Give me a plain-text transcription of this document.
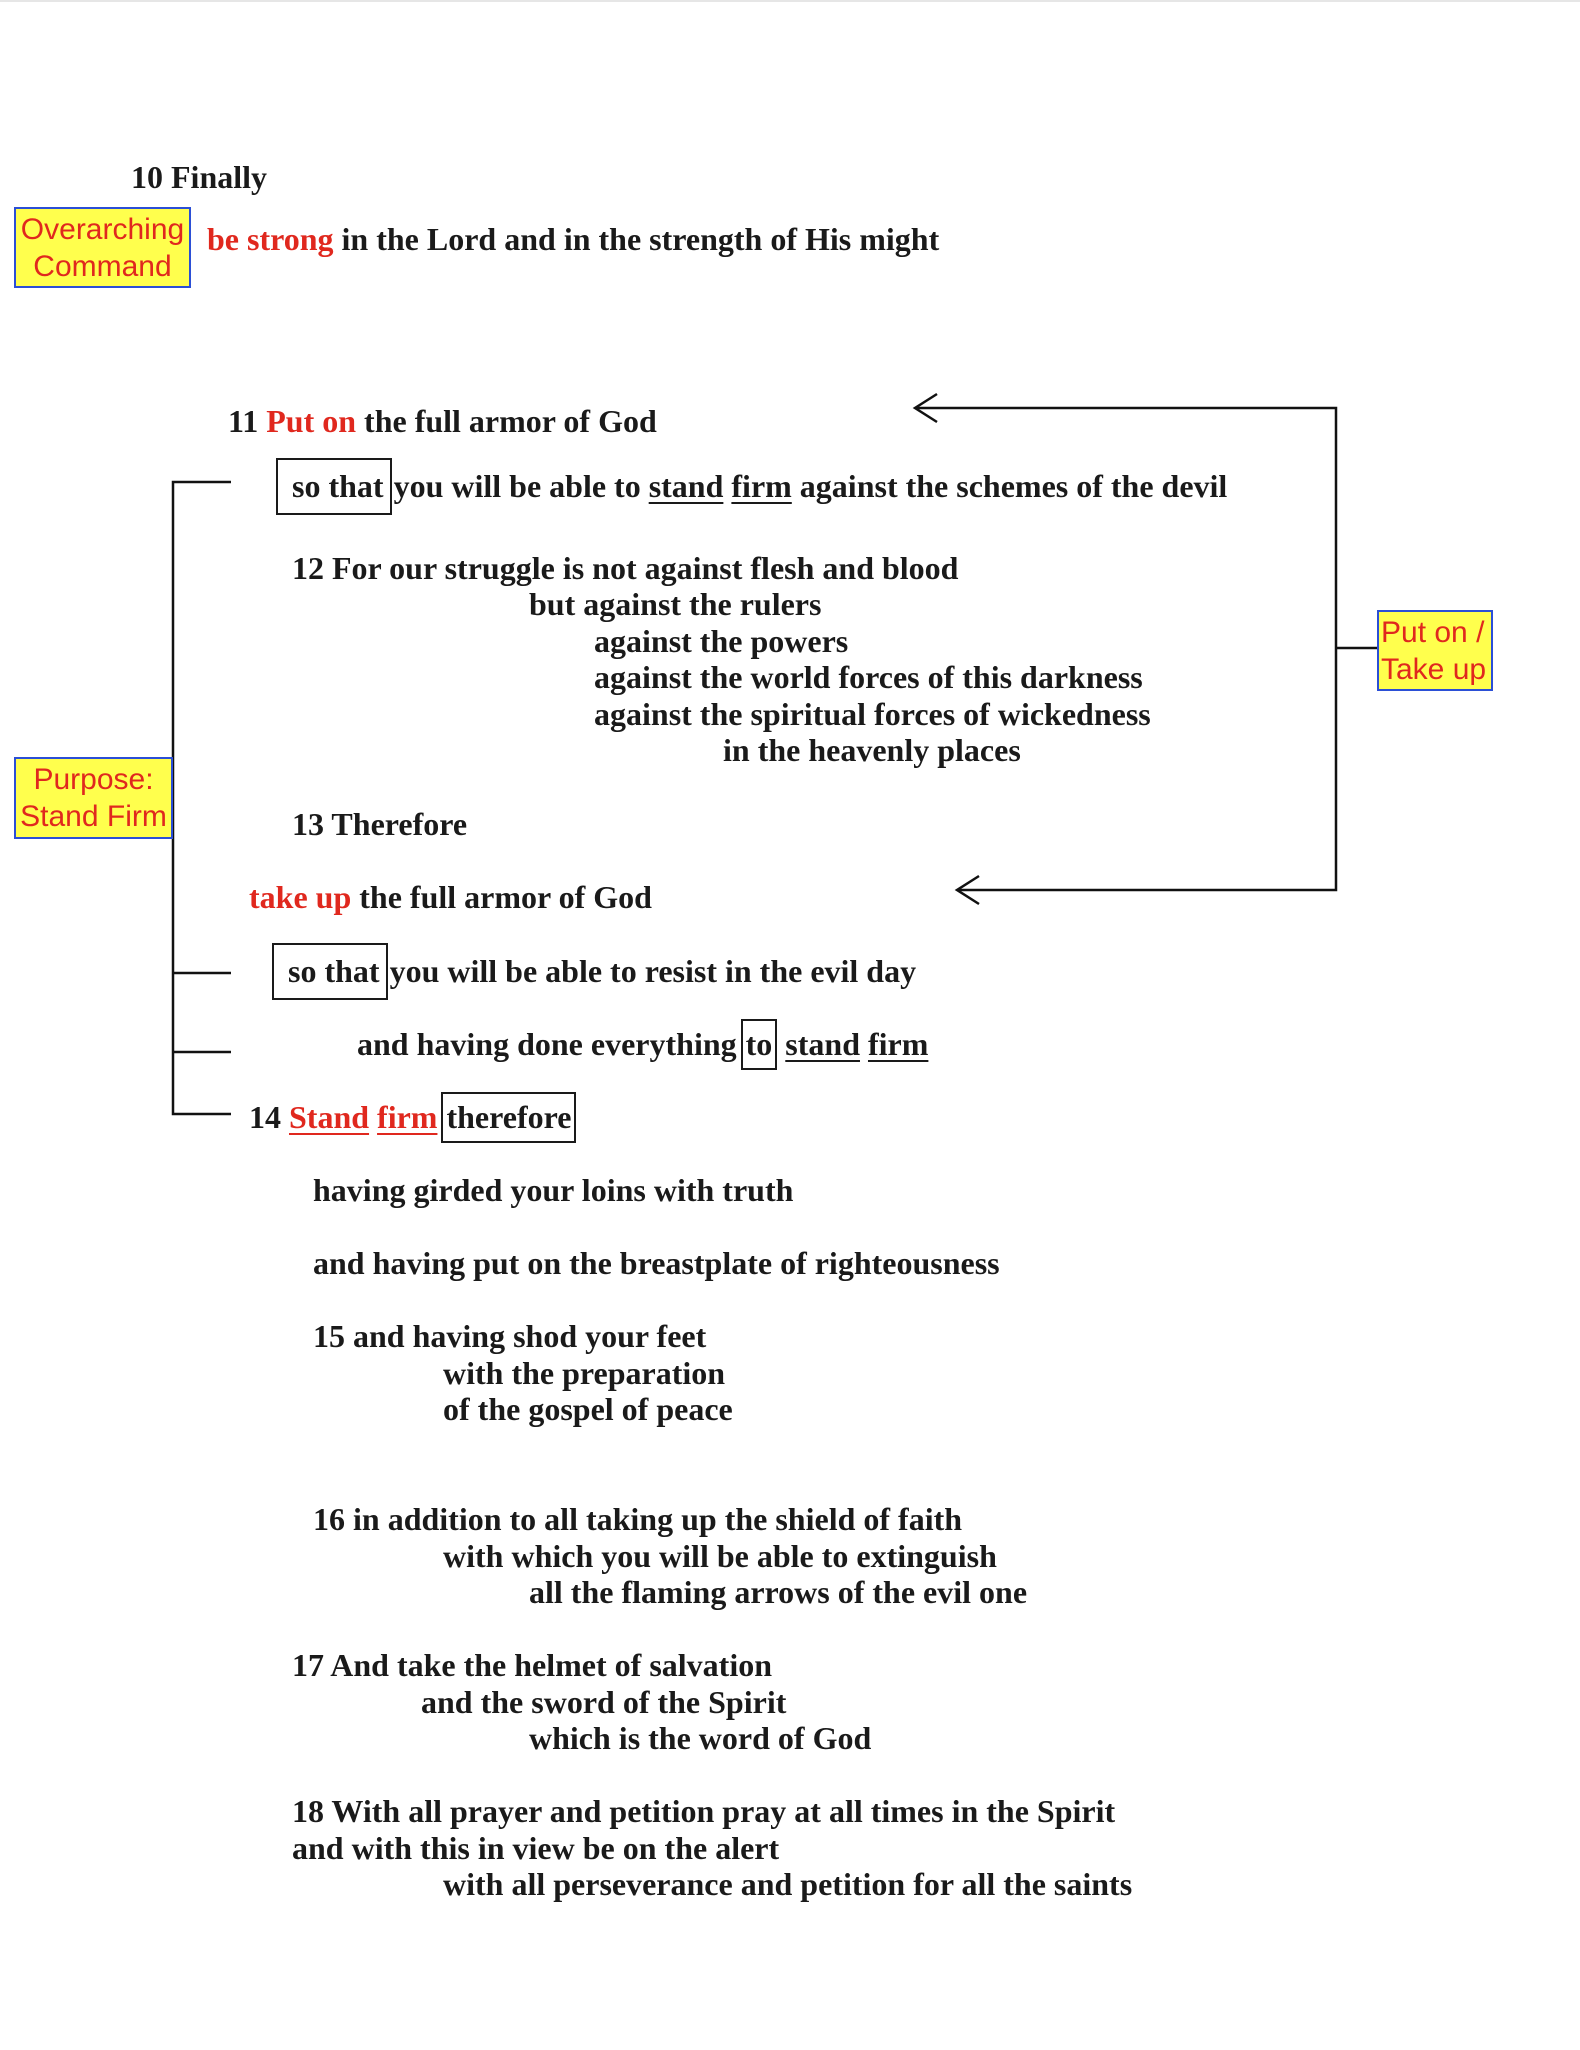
Overarching
Command
Purpose:
Stand Firm
Put on /
Take up
10 Finally
be strong in the Lord and in the strength of His might
11 Put on the full armor of God
so that you will be able to stand firm against the schemes of the devil
12 For our struggle is not against flesh and blood
but against the rulers
against the powers
against the world forces of this darkness
against the spiritual forces of wickedness
in the heavenly places
13 Therefore
take up the full armor of God
so that you will be able to resist in the evil day
and having done everything to stand firm
14 Stand firm therefore
having girded your loins with truth
and having put on the breastplate of righteousness
15 and having shod your feet
with the preparation
of the gospel of peace
16 in addition to all taking up the shield of faith
with which you will be able to extinguish
all the flaming arrows of the evil one
17 And take the helmet of salvation
and the sword of the Spirit
which is the word of God
18 With all prayer and petition pray at all times in the Spirit
and with this in view be on the alert
with all perseverance and petition for all the saints
